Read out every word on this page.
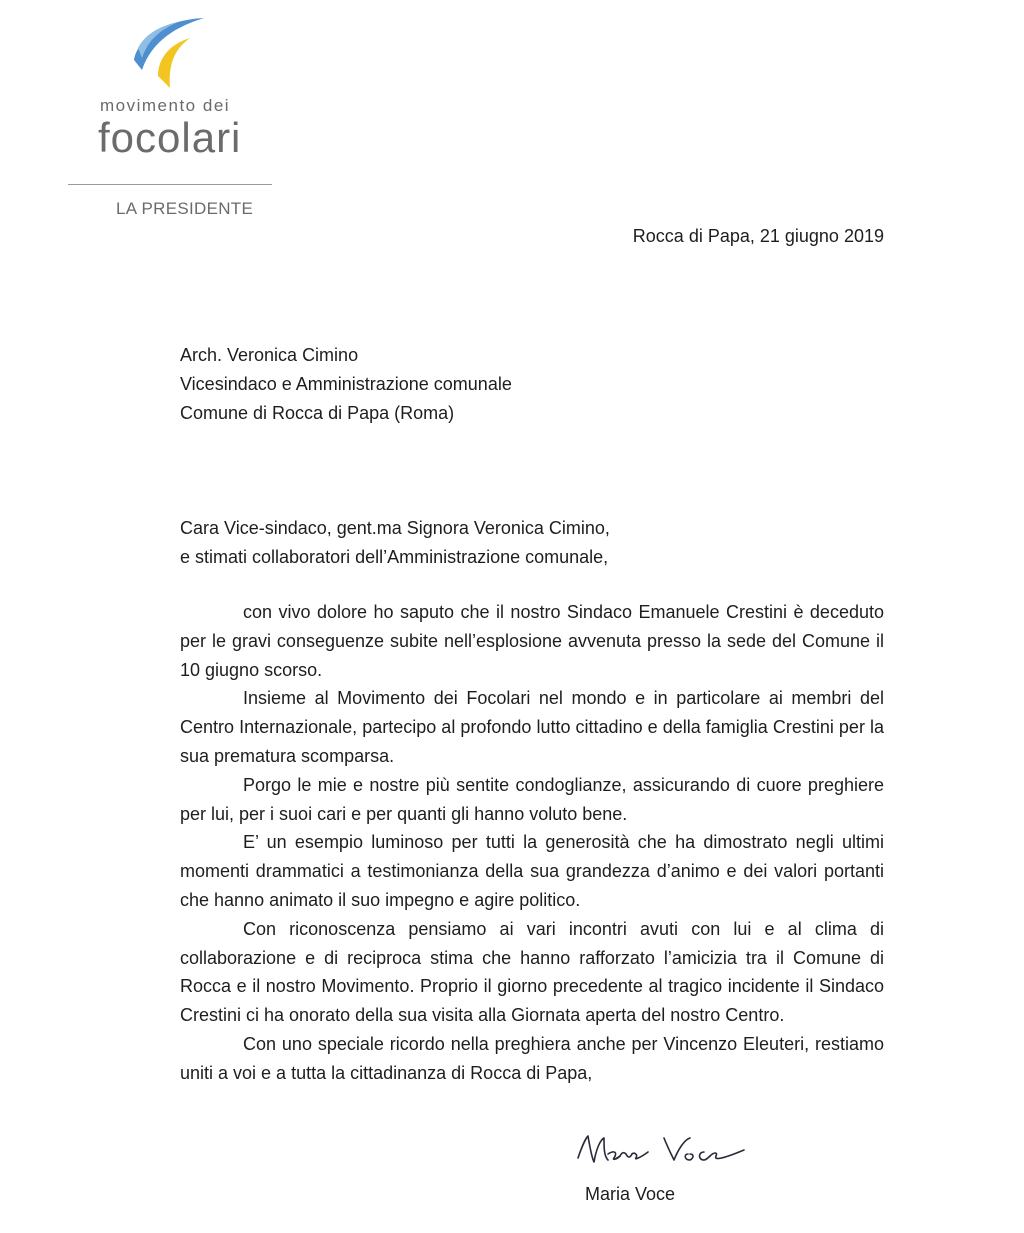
movimento dei
focolari
LA PRESIDENTE
Rocca di Papa, 21 giugno 2019
Arch. Veronica Cimino
Vicesindaco e Amministrazione comunale
Comune di Rocca di Papa (Roma)
Cara Vice-sindaco, gent.ma Signora Veronica Cimino,
e stimati collaboratori dell’Amministrazione comunale,

con vivo dolore ho saputo che il nostro Sindaco Emanuele Crestini è deceduto per le gravi conseguenze subite nell’esplosione avvenuta presso la sede del Comune il 10 giugno scorso.

Insieme al Movimento dei Focolari nel mondo e in particolare ai membri del Centro Internazionale, partecipo al profondo lutto cittadino e della famiglia Crestini per la sua prematura scomparsa.

Porgo le mie e nostre più sentite condoglianze, assicurando di cuore preghiere per lui, per i suoi cari e per quanti gli hanno voluto bene.

E’ un esempio luminoso per tutti la generosità che ha dimostrato negli ultimi momenti drammatici a testimonianza della sua grandezza d’animo e dei valori portanti che hanno animato il suo impegno e agire politico.

Con riconoscenza pensiamo ai vari incontri avuti con lui e al clima di collaborazione e di reciproca stima che hanno rafforzato l’amicizia tra il Comune di Rocca e il nostro Movimento. Proprio il giorno precedente al tragico incidente il Sindaco Crestini ci ha onorato della sua visita alla Giornata aperta del nostro Centro.

Con uno speciale ricordo nella preghiera anche per Vincenzo Eleuteri, restiamo uniti a voi e a tutta la cittadinanza di Rocca di Papa,

Maria Voce
